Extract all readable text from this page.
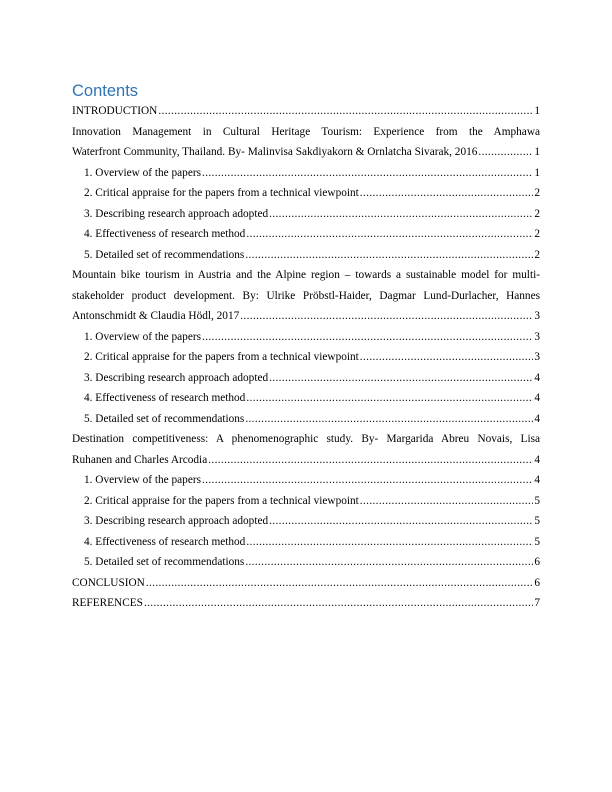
Contents
INTRODUCTION .....	1
Innovation Management in Cultural Heritage Tourism: Experience from the Amphawa
Waterfront Community, Thailand. By- Malinvisa Sakdiyakorn & Ornlatcha Sivarak, 2016 .....	1
1. Overview of the papers .....	1
2. Critical appraise for the papers from a technical viewpoint .....	2
3. Describing research approach adopted .....	2
4. Effectiveness of research method .....	2
5. Detailed set of recommendations .....	2
Mountain bike tourism in Austria and the Alpine region – towards a sustainable model for multi-
stakeholder product development. By: Ulrike Pröbstl-Haider, Dagmar Lund-Durlacher, Hannes
Antonschmidt & Claudia Hödl, 2017 .....	3
1. Overview of the papers .....	3
2. Critical appraise for the papers from a technical viewpoint .....	3
3. Describing research approach adopted .....	4
4. Effectiveness of research method .....	4
5. Detailed set of recommendations .....	4
Destination competitiveness: A phenomenographic study. By- Margarida Abreu Novais, Lisa
Ruhanen and Charles Arcodia .....	4
1. Overview of the papers .....	4
2. Critical appraise for the papers from a technical viewpoint .....	5
3. Describing research approach adopted .....	5
4. Effectiveness of research method .....	5
5. Detailed set of recommendations .....	6
CONCLUSION .....	6
REFERENCES .....	7
